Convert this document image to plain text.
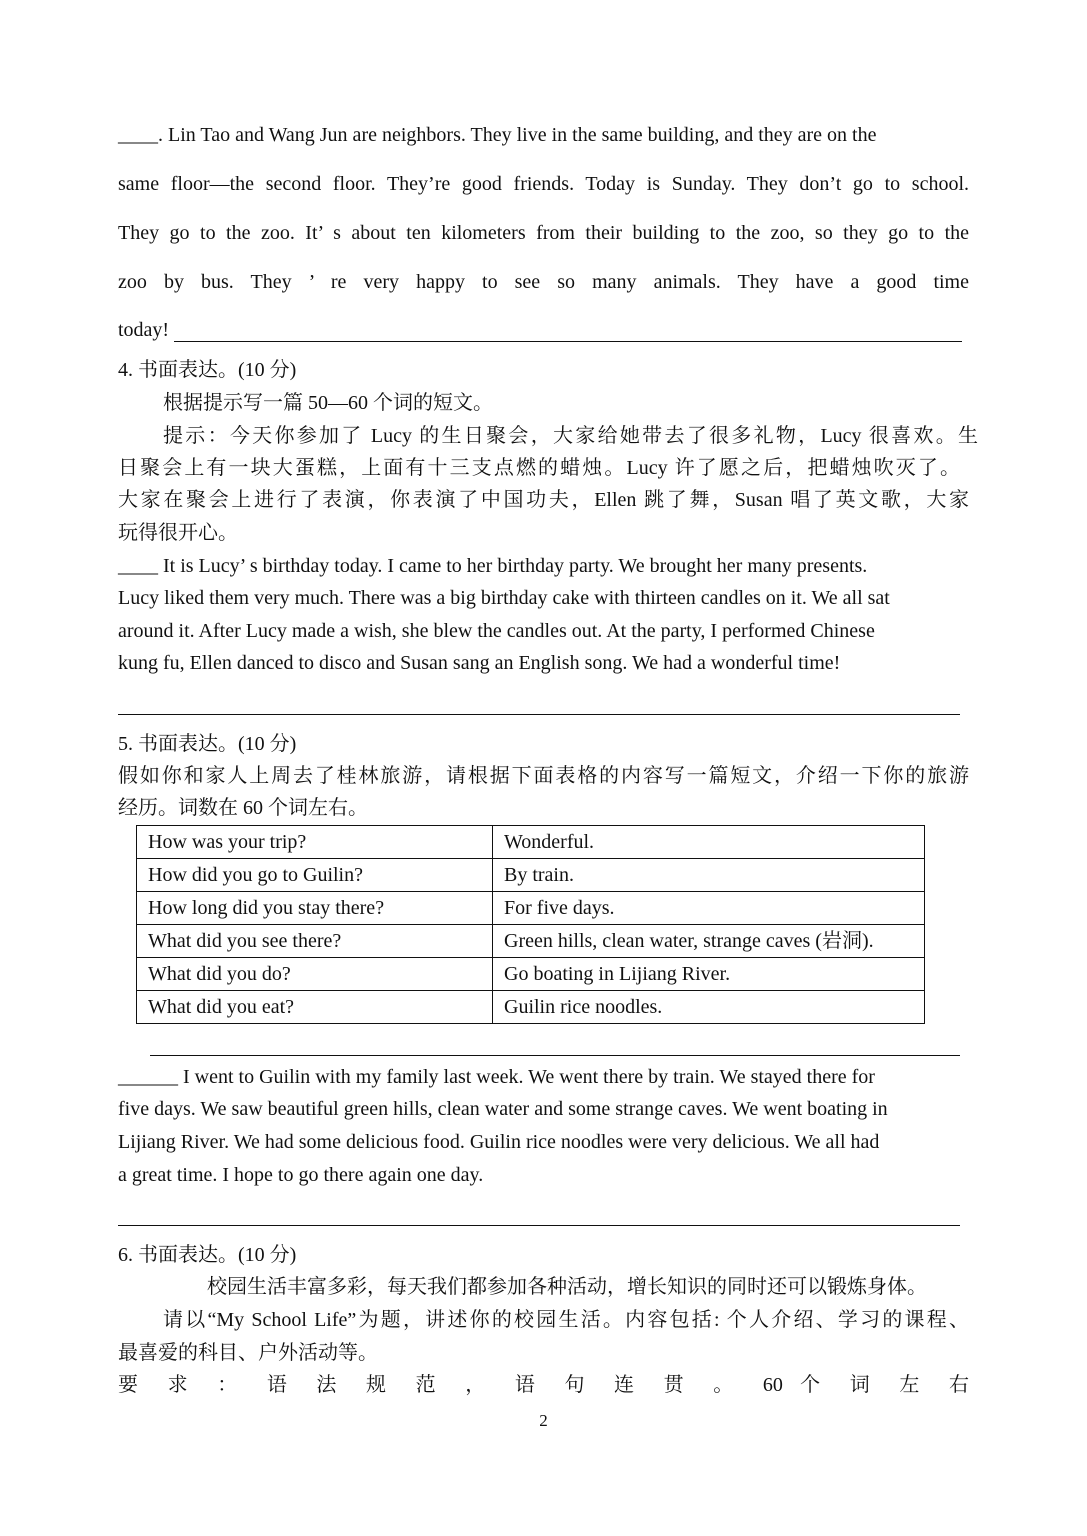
____. Lin Tao and Wang Jun are neighbors. They live in the same building, and they are on the
same floor—the second floor. They’re good friends. Today is Sunday. They don’t go to school.
They go to the zoo. It’ s about ten kilometers from their building to the zoo, so they go to the
zoo by bus. They ’ re very happy to see so many animals. They have a good time
today!
4. 书面表达。(10 分)
根据提示写一篇 50—60 个词的短文。
提示：今天你参加了 Lucy 的生日聚会，大家给她带去了很多礼物，Lucy 很喜欢。生
日聚会上有一块大蛋糕，上面有十三支点燃的蜡烛。Lucy 许了愿之后，把蜡烛吹灭了。
大家在聚会上进行了表演，你表演了中国功夫，Ellen 跳了舞，Susan 唱了英文歌，大家
玩得很开心。
____ It is Lucy’ s birthday today. I came to her birthday party. We brought her many presents.
Lucy liked them very much. There was a big birthday cake with thirteen candles on it. We all sat
around it. After Lucy made a wish, she blew the candles out. At the party, I performed Chinese
kung fu, Ellen danced to disco and Susan sang an English song. We had a wonderful time!
5. 书面表达。(10 分)
假如你和家人上周去了桂林旅游，请根据下面表格的内容写一篇短文，介绍一下你的旅游
经历。词数在 60 个词左右。
How was your trip?	Wonderful.
How did you go to Guilin?	By train.
How long did you stay there?	For five days.
What did you see there?	Green hills, clean water, strange caves (岩洞).
What did you do?	Go boating in Lijiang River.
What did you eat?	Guilin rice noodles.
______ I went to Guilin with my family last week. We went there by train. We stayed there for
five days. We saw beautiful green hills, clean water and some strange caves. We went boating in
Lijiang River. We had some delicious food. Guilin rice noodles were very delicious. We all had
a great time. I hope to go there again one day.
6. 书面表达。(10 分)
校园生活丰富多彩，每天我们都参加各种活动，增长知识的同时还可以锻炼身体。
请以“My School Life”为题，讲述你的校园生活。内容包括: 个人介绍、学习的课程、
最喜爱的科目、户外活动等。
要 求 ： 语 法 规 范 ， 语 句 连 贯 。 60 个 词 左 右
2
